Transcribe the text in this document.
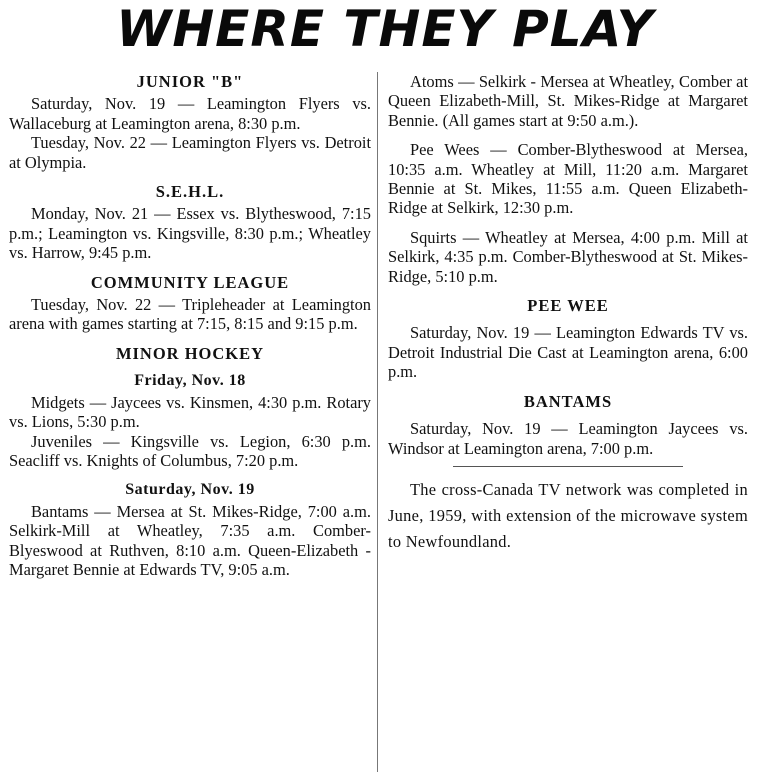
WHERE THEY PLAY
JUNIOR "B"

Saturday, Nov. 19 — Leamington Flyers vs. Wallaceburg at Leamington arena, 8:30 p.m.

Tuesday, Nov. 22 — Leamington Flyers vs. Detroit at Olympia.

S.E.H.L.

Monday, Nov. 21 — Essex vs. Blytheswood, 7:15 p.m.; Leamington vs. Kingsville, 8:30 p.m.; Wheatley vs. Harrow, 9:45 p.m.

COMMUNITY LEAGUE

Tuesday, Nov. 22 — Tripleheader at Leamington arena with games starting at 7:15, 8:15 and 9:15 p.m.

MINOR HOCKEY
Friday, Nov. 18

Midgets — Jaycees vs. Kinsmen, 4:30 p.m. Rotary vs. Lions, 5:30 p.m.

Juveniles — Kingsville vs. Legion, 6:30 p.m. Seacliff vs. Knights of Columbus, 7:20 p.m.

Saturday, Nov. 19

Bantams — Mersea at St. Mikes-Ridge, 7:00 a.m. Selkirk-Mill at Wheatley, 7:35 a.m. Comber-Blyeswood at Ruthven, 8:10 a.m. Queen-Elizabeth - Margaret Bennie at Edwards TV, 9:05 a.m.

Atoms — Selkirk - Mersea at Wheatley, Comber at Queen Elizabeth-Mill, St. Mikes-Ridge at Margaret Bennie. (All games start at 9:50 a.m.).

Pee Wees — Comber-Blytheswood at Mersea, 10:35 a.m. Wheatley at Mill, 11:20 a.m. Margaret Bennie at St. Mikes, 11:55 a.m. Queen Elizabeth-Ridge at Selkirk, 12:30 p.m.

Squirts — Wheatley at Mersea, 4:00 p.m. Mill at Selkirk, 4:35 p.m. Comber-Blytheswood at St. Mikes-Ridge, 5:10 p.m.

PEE WEE

Saturday, Nov. 19 — Leamington Edwards TV vs. Detroit Industrial Die Cast at Leamington arena, 6:00 p.m.

BANTAMS

Saturday, Nov. 19 — Leamington Jaycees vs. Windsor at Leamington arena, 7:00 p.m.

The cross-Canada TV network was completed in June, 1959, with extension of the microwave system to Newfoundland.
